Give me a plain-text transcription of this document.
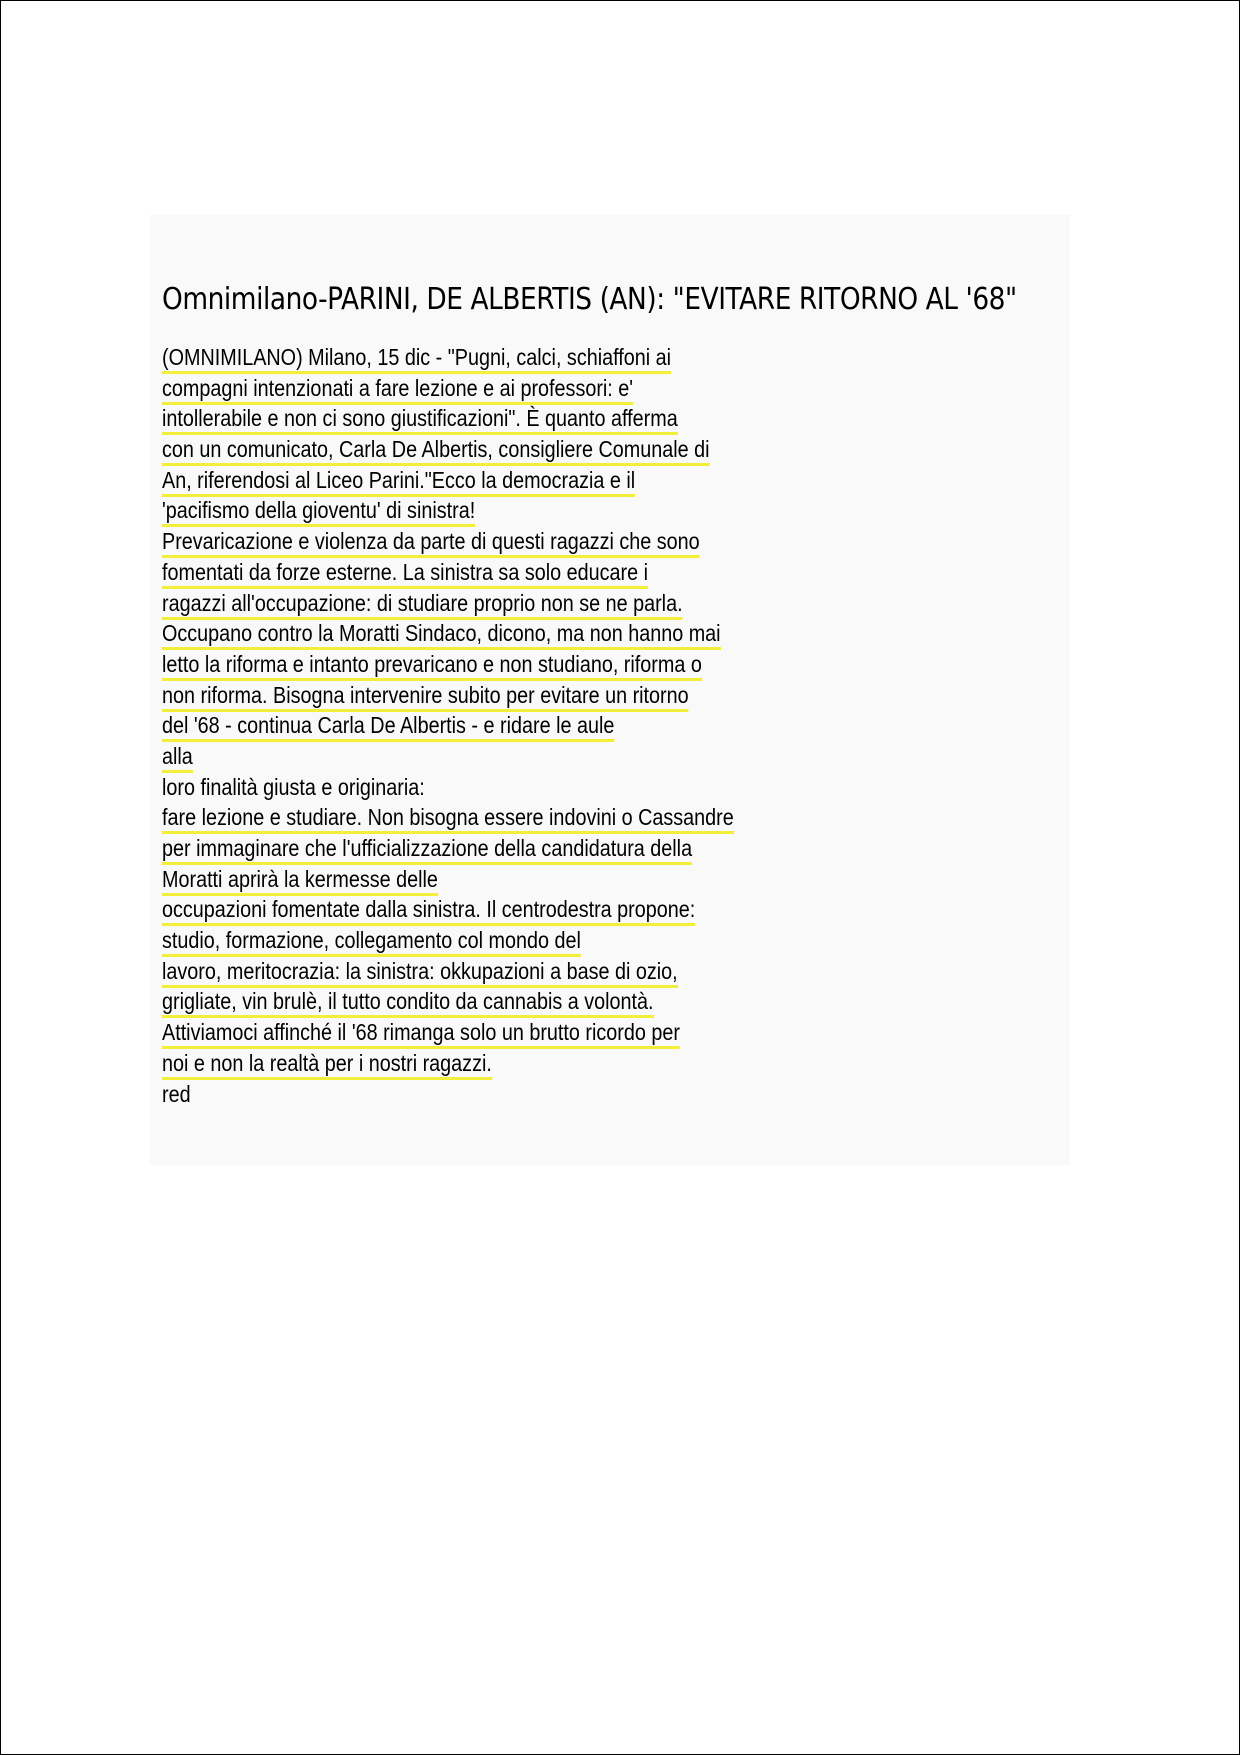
Omnimilano-PARINI, DE ALBERTIS (AN): "EVITARE RITORNO AL '68"
(OMNIMILANO) Milano, 15 dic - "Pugni, calci, schiaffoni ai
compagni intenzionati a fare lezione e ai professori: e'
intollerabile e non ci sono giustificazioni". È quanto afferma
con un comunicato, Carla De Albertis, consigliere Comunale di
An, riferendosi al Liceo Parini."Ecco la democrazia e il
'pacifismo della gioventu' di sinistra!
Prevaricazione e violenza da parte di questi ragazzi che sono
fomentati da forze esterne. La sinistra sa solo educare i
ragazzi all'occupazione: di studiare proprio non se ne parla.
Occupano contro la Moratti Sindaco, dicono, ma non hanno mai
letto la riforma e intanto prevaricano e non studiano, riforma o
non riforma. Bisogna intervenire subito per evitare un ritorno
del '68 - continua Carla De Albertis - e ridare le aule
alla
loro finalità giusta e originaria:
fare lezione e studiare. Non bisogna essere indovini o Cassandre
per immaginare che l'ufficializzazione della candidatura della
Moratti aprirà la kermesse delle
occupazioni fomentate dalla sinistra. Il centrodestra propone:
studio, formazione, collegamento col mondo del
lavoro, meritocrazia: la sinistra: okkupazioni a base di ozio,
grigliate, vin brulè, il tutto condito da cannabis a volontà.
Attiviamoci affinché il '68 rimanga solo un brutto ricordo per
noi e non la realtà per i nostri ragazzi.
red
